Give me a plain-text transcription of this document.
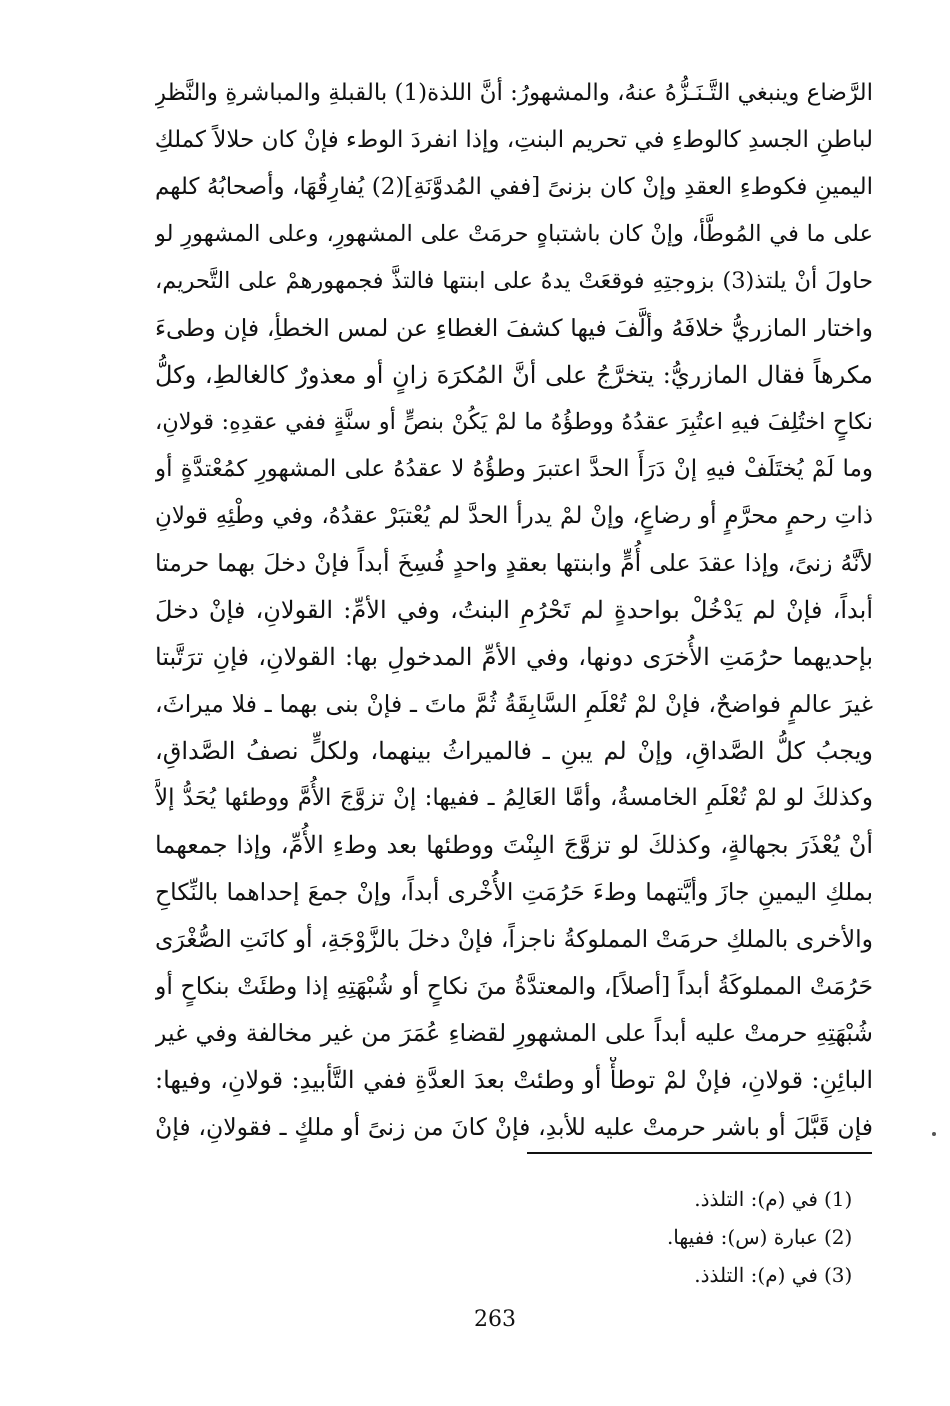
الرَّضاع وينبغي التَّـنَـزُّهُ عنهُ، والمشهورُ: أنَّ اللذة(1) بالقبلةِ والمباشرةِ والنَّظرِ
لباطنِ الجسدِ كالوطءِ في تحريم البنتِ، وإذا انفردَ الوطء فإنْ كان حلالاً كملكِ
اليمينِ فكوطءِ العقدِ وإنْ كان بزنىً [ففي المُدوَّنَةِ](2) يُفارِقُهَا، وأصحابُهُ كلهم
على ما في المُوطَّأ، وإنْ كان باشتباهٍ حرمَتْ على المشهورِ، وعلى المشهورِ لو
حاولَ أنْ يلتذ(3) بزوجتِهِ فوقعَتْ يدهُ على ابنتها فالتذَّ فجمهورهمْ على التَّحريم،
واختار المازريُّ خلافَهُ وألَّفَ فيها كشفَ الغطاءِ عن لمس الخطأِ، فإن وطىءَ
مكرهاً فقال المازريُّ: يتخرَّجُ على أنَّ المُكرَهَ زانٍ أو معذورٌ كالغالطِ، وكلُّ
نكاحٍ اختُلِفَ فيهِ اعتُبِرَ عقدُهُ ووطؤُهُ ما لمْ يَكُنْ بنصٍّ أو سنَّةٍ ففي عقدِهِ: قولانِ،
وما لَمْ يُختَلَفْ فيهِ إنْ دَرَأَ الحدَّ اعتبرَ وطؤُهُ لا عقدُهُ على المشهورِ كمُعْتدَّةٍ أو
ذاتِ رحمٍ محرَّمٍ أو رضاعٍ، وإنْ لمْ يدرأ الحدَّ لم يُعْتبَرْ عقدُهُ، وفي وطْئِهِ قولانِ
لأنَّهُ زنىً، وإذا عقدَ على أُمٍّ وابنتها بعقدٍ واحدٍ فُسِخَ أبداً فإنْ دخلَ بهما حرمتا
أبداً، فإنْ لم يَدْخُلْ بواحدةٍ لم تَحْرُمِ البنتُ، وفي الأمِّ: القولانِ، فإنْ دخلَ
بإحديهما حرُمَتِ الأُخرَى دونها، وفي الأمِّ المدخولِ بها: القولانِ، فإنِ ترَتَّبتا
غيرَ عالمٍ فواضحٌ، فإنْ لمْ تُعْلَمِ السَّابِقَةُ ثُمَّ ماتَ ـ فإنْ بنى بهما ـ فلا ميراثَ،
ويجبُ كلُّ الصَّداقِ، وإنْ لم يبنِ ـ فالميراثُ بينهما، ولكلٍّ نصفُ الصَّداقِ،
وكذلكَ لو لمْ تُعْلَمِ الخامسةُ، وأمَّا العَالِمُ ـ ففيها: إنْ تزوَّجَ الأُمَّ ووطئها يُحَدُّ إلاَّ
أنْ يُعْذَرَ بجهالةٍ، وكذلكَ لو تزوَّجَ البِنْتَ ووطئها بعد وطءِ الأُمِّ، وإذا جمعهما
بملكِ اليمينِ جازَ وأيَّتهما وطءَ حَرُمَتِ الأُخْرى أبداً، وإنْ جمعَ إحداهما بالنِّكاحِ
والأخرى بالملكِ حرمَتْ المملوكةُ ناجزاً، فإنْ دخلَ بالزَّوْجَةِ، أو كانَتِ الصُّغْرَى
حَرُمَتْ المملوكَةُ أبداً [أصلاً]، والمعتدَّةُ منَ نكاحٍ أو شُبْهَتِهِ إذا وطئَتْ بنكاحٍ أو
شُبْهَتِهِ حرمتْ عليه أبداً على المشهورِ لقضاءِ عُمَرَ من غير مخالفة وفي غير
البائِنِ: قولانِ، فإنْ لمْ توطأْ أو وطئتْ بعدَ العدَّةِ ففي التَّأبيدِ: قولانِ، وفيها:
فإن قَبَّلَ أو باشر حرمتْ عليه للأبدِ، فإنْ كانَ من زنىً أو ملكٍ ـ فقولانِ، فإنْ
(1)
في (م): التلذذ.
(2)
عبارة (س): ففيها.
(3)
في (م): التلذذ.
263
